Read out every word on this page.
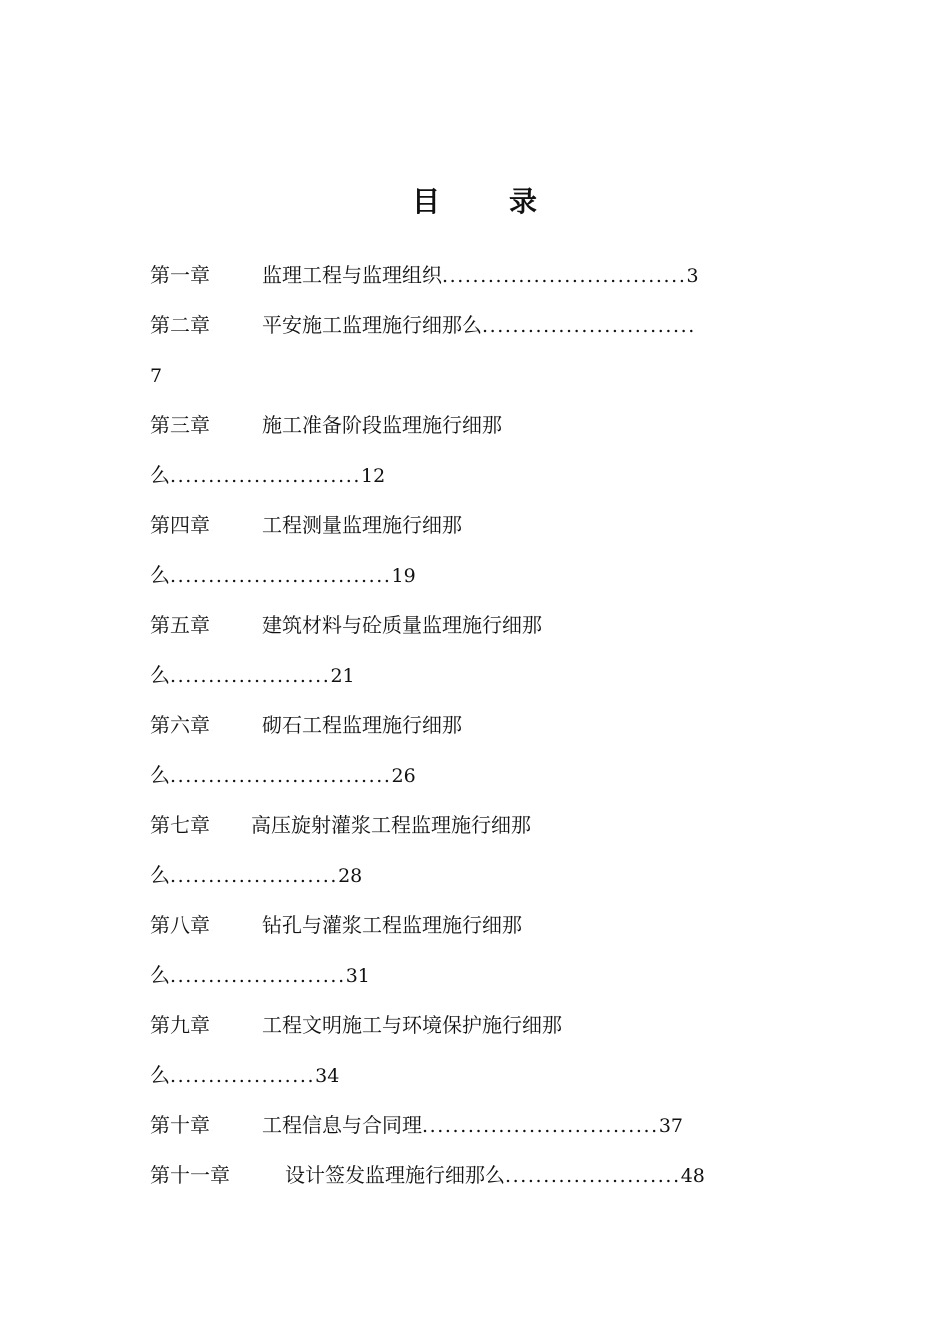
目 录
第一章	监理工程与监理组织................................3
第二章	平安施工监理施行细那么............................
7
第三章	施工准备阶段监理施行细那
么.........................12
第四章	工程测量监理施行细那
么.............................19
第五章	建筑材料与砼质量监理施行细那
么.....................21
第六章	砌石工程监理施行细那
么.............................26
第七章 高压旋射灌浆工程监理施行细那
么......................28
第八章	钻孔与灌浆工程监理施行细那
么.......................31
第九章	工程文明施工与环境保护施行细那
么...................34
第十章	工程信息与合同理...............................37
第十一章	设计签发监理施行细那么.......................48
